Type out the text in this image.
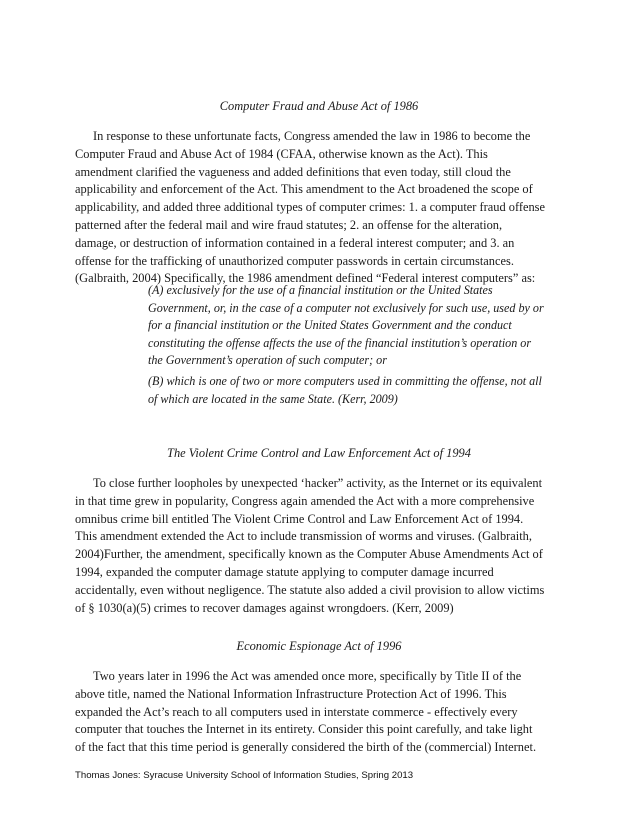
Computer Fraud and Abuse Act of 1986

In response to these unfortunate facts, Congress amended the law in 1986 to become the Computer Fraud and Abuse Act of 1984 (CFAA, otherwise known as the Act). This amendment clarified the vagueness and added definitions that even today, still cloud the applicability and enforcement of the Act. This amendment to the Act broadened the scope of applicability, and added three additional types of computer crimes: 1. a computer fraud offense patterned after the federal mail and wire fraud statutes; 2. an offense for the alteration, damage, or destruction of information contained in a federal interest computer; and 3. an offense for the trafficking of unauthorized computer passwords in certain circumstances. (Galbraith, 2004) Specifically, the 1986 amendment defined “Federal interest computers” as:

(A) exclusively for the use of a financial institution or the United States Government, or, in the case of a computer not exclusively for such use, used by or for a financial institution or the United States Government and the conduct constituting the offense affects the use of the financial institution’s operation or the Government’s operation of such computer; or

(B) which is one of two or more computers used in committing the offense, not all of which are located in the same State. (Kerr, 2009)

The Violent Crime Control and Law Enforcement Act of 1994

To close further loopholes by unexpected ‘hacker” activity, as the Internet or its equivalent in that time grew in popularity, Congress again amended the Act with a more comprehensive omnibus crime bill entitled The Violent Crime Control and Law Enforcement Act of 1994. This amendment extended the Act to include transmission of worms and viruses. (Galbraith, 2004)Further, the amendment, specifically known as the Computer Abuse Amendments Act of 1994, expanded the computer damage statute applying to computer damage incurred accidentally, even without negligence. The statute also added a civil provision to allow victims of § 1030(a)(5) crimes to recover damages against wrongdoers. (Kerr, 2009)

Economic Espionage Act of 1996

Two years later in 1996 the Act was amended once more, specifically by Title II of the above title, named the National Information Infrastructure Protection Act of 1996. This expanded the Act’s reach to all computers used in interstate commerce - effectively every computer that touches the Internet in its entirety. Consider this point carefully, and take light of the fact that this time period is generally considered the birth of the (commercial) Internet.

Thomas Jones: Syracuse University School of Information Studies, Spring 2013
